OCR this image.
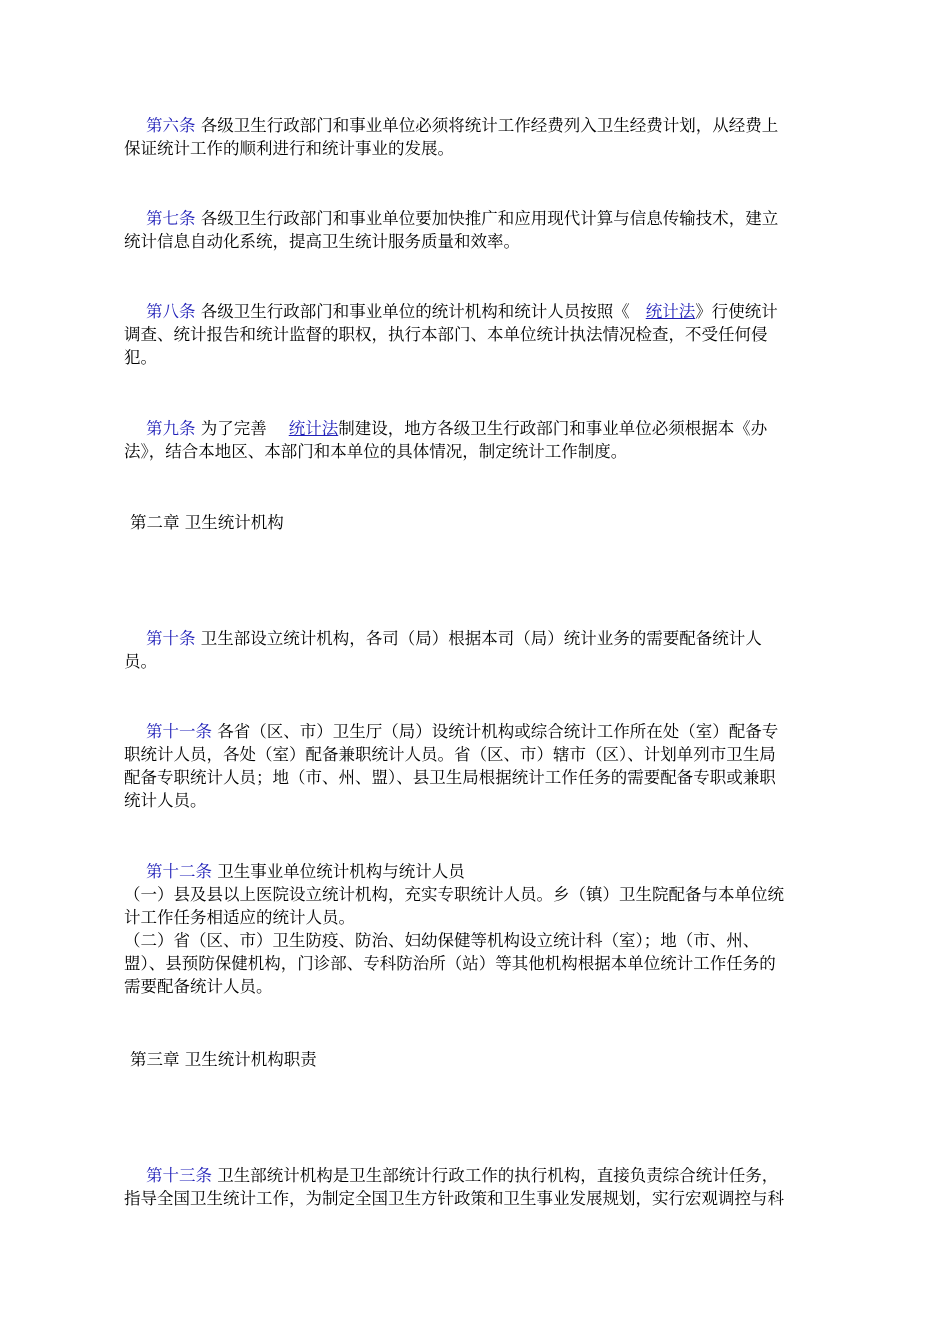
第六条 各级卫生行政部门和事业单位必须将统计工作经费列入卫生经费计划，从经费上
保证统计工作的顺利进行和统计事业的发展。
第七条 各级卫生行政部门和事业单位要加快推广和应用现代计算与信息传输技术，建立
统计信息自动化系统，提高卫生统计服务质量和效率。
第八条 各级卫生行政部门和事业单位的统计机构和统计人员按照《 统计法》行使统计
调查、统计报告和统计监督的职权，执行本部门、本单位统计执法情况检查，不受任何侵
犯。
第九条 为了完善 统计法制建设，地方各级卫生行政部门和事业单位必须根据本《办
法》，结合本地区、本部门和本单位的具体情况，制定统计工作制度。
第二章 卫生统计机构
第十条 卫生部设立统计机构，各司（局）根据本司（局）统计业务的需要配备统计人
员。
第十一条 各省（区、市）卫生厅（局）设统计机构或综合统计工作所在处（室）配备专
职统计人员，各处（室）配备兼职统计人员。省（区、市）辖市（区）、计划单列市卫生局
配备专职统计人员；地（市、州、盟）、县卫生局根据统计工作任务的需要配备专职或兼职
统计人员。
第十二条 卫生事业单位统计机构与统计人员
（一）县及县以上医院设立统计机构，充实专职统计人员。乡（镇）卫生院配备与本单位统
计工作任务相适应的统计人员。
（二）省（区、市）卫生防疫、防治、妇幼保健等机构设立统计科（室）；地（市、州、
盟）、县预防保健机构，门诊部、专科防治所（站）等其他机构根据本单位统计工作任务的
需要配备统计人员。
第三章 卫生统计机构职责
第十三条 卫生部统计机构是卫生部统计行政工作的执行机构，直接负责综合统计任务，
指导全国卫生统计工作，为制定全国卫生方针政策和卫生事业发展规划，实行宏观调控与科
